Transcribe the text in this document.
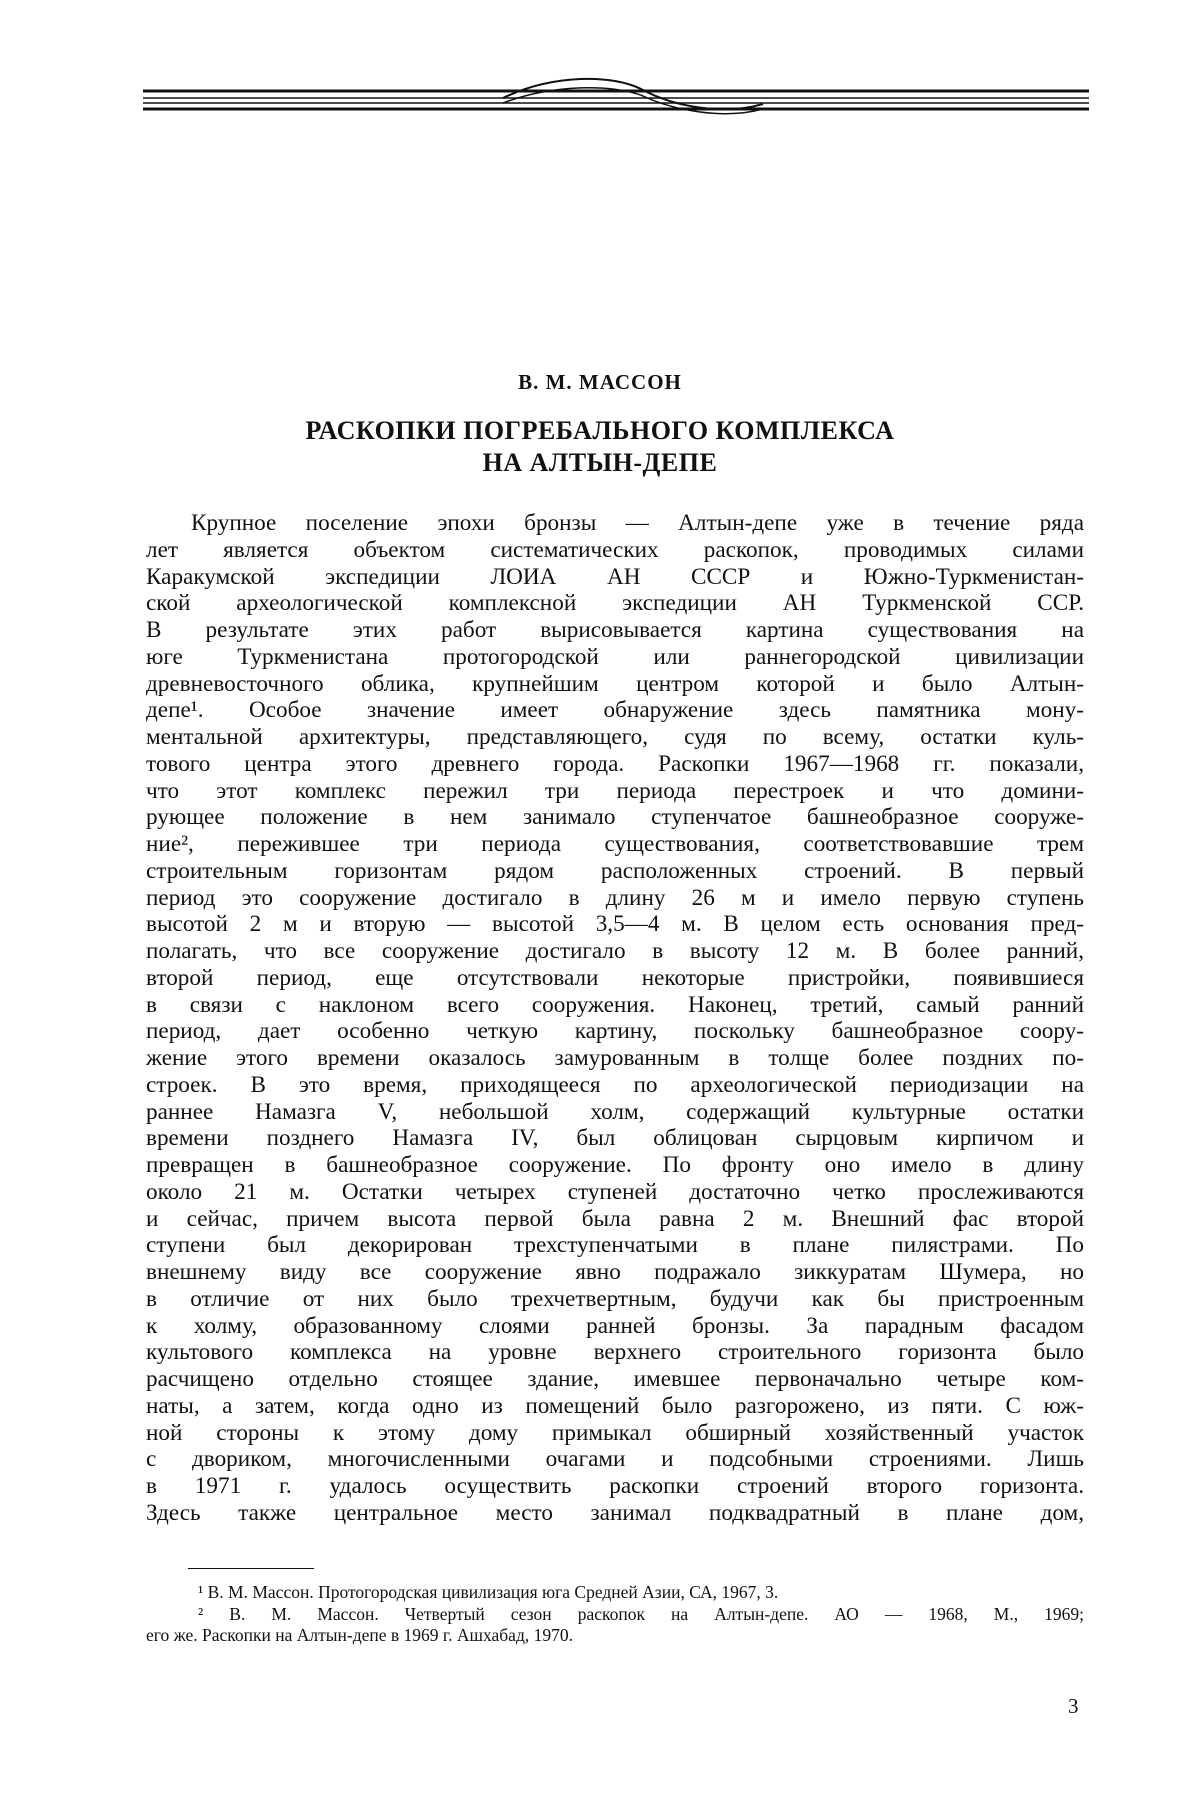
В. М. МАССОН
РАСКОПКИ ПОГРЕБАЛЬНОГО КОМПЛЕКСА
НА АЛТЫН-ДЕПЕ
Крупное поселение эпохи бронзы — Алтын-депе уже в течение ряда
лет является объектом систематических раскопок, проводимых силами
Каракумской экспедиции ЛОИА АН СССР и Южно-Туркменистан-
ской археологической комплексной экспедиции АН Туркменской ССР.
В результате этих работ вырисовывается картина существования на
юге Туркменистана протогородской или раннегородской цивилизации
древневосточного облика, крупнейшим центром которой и было Алтын-
депе¹. Особое значение имеет обнаружение здесь памятника мону-
ментальной архитектуры, представляющего, судя по всему, остатки куль-
тового центра этого древнего города. Раскопки 1967—1968 гг. показали,
что этот комплекс пережил три периода перестроек и что домини-
рующее положение в нем занимало ступенчатое башнеобразное сооруже-
ние², пережившее три периода существования, соответствовавшие трем
строительным горизонтам рядом расположенных строений. В первый
период это сооружение достигало в длину 26 м и имело первую ступень
высотой 2 м и вторую — высотой 3,5—4 м. В целом есть основания пред-
полагать, что все сооружение достигало в высоту 12 м. В более ранний,
второй период, еще отсутствовали некоторые пристройки, появившиеся
в связи с наклоном всего сооружения. Наконец, третий, самый ранний
период, дает особенно четкую картину, поскольку башнеобразное соору-
жение этого времени оказалось замурованным в толще более поздних по-
строек. В это время, приходящееся по археологической периодизации на
раннее Намазга V, небольшой холм, содержащий культурные остатки
времени позднего Намазга IV, был облицован сырцовым кирпичом и
превращен в башнеобразное сооружение. По фронту оно имело в длину
около 21 м. Остатки четырех ступеней достаточно четко прослеживаются
и сейчас, причем высота первой была равна 2 м. Внешний фас второй
ступени был декорирован трехступенчатыми в плане пилястрами. По
внешнему виду все сооружение явно подражало зиккуратам Шумера, но
в отличие от них было трехчетвертным, будучи как бы пристроенным
к холму, образованному слоями ранней бронзы. За парадным фасадом
культового комплекса на уровне верхнего строительного горизонта было
расчищено отдельно стоящее здание, имевшее первоначально четыре ком-
наты, а затем, когда одно из помещений было разгорожено, из пяти. С юж-
ной стороны к этому дому примыкал обширный хозяйственный участок
с двориком, многочисленными очагами и подсобными строениями. Лишь
в 1971 г. удалось осуществить раскопки строений второго горизонта.
Здесь также центральное место занимал подквадратный в плане дом,
¹ В. М. Массон. Протогородская цивилизация юга Средней Азии, СА, 1967, 3.
² В. М. Массон. Четвертый сезон раскопок на Алтын-депе. АО — 1968, М., 1969;
его же. Раскопки на Алтын-депе в 1969 г. Ашхабад, 1970.
3
